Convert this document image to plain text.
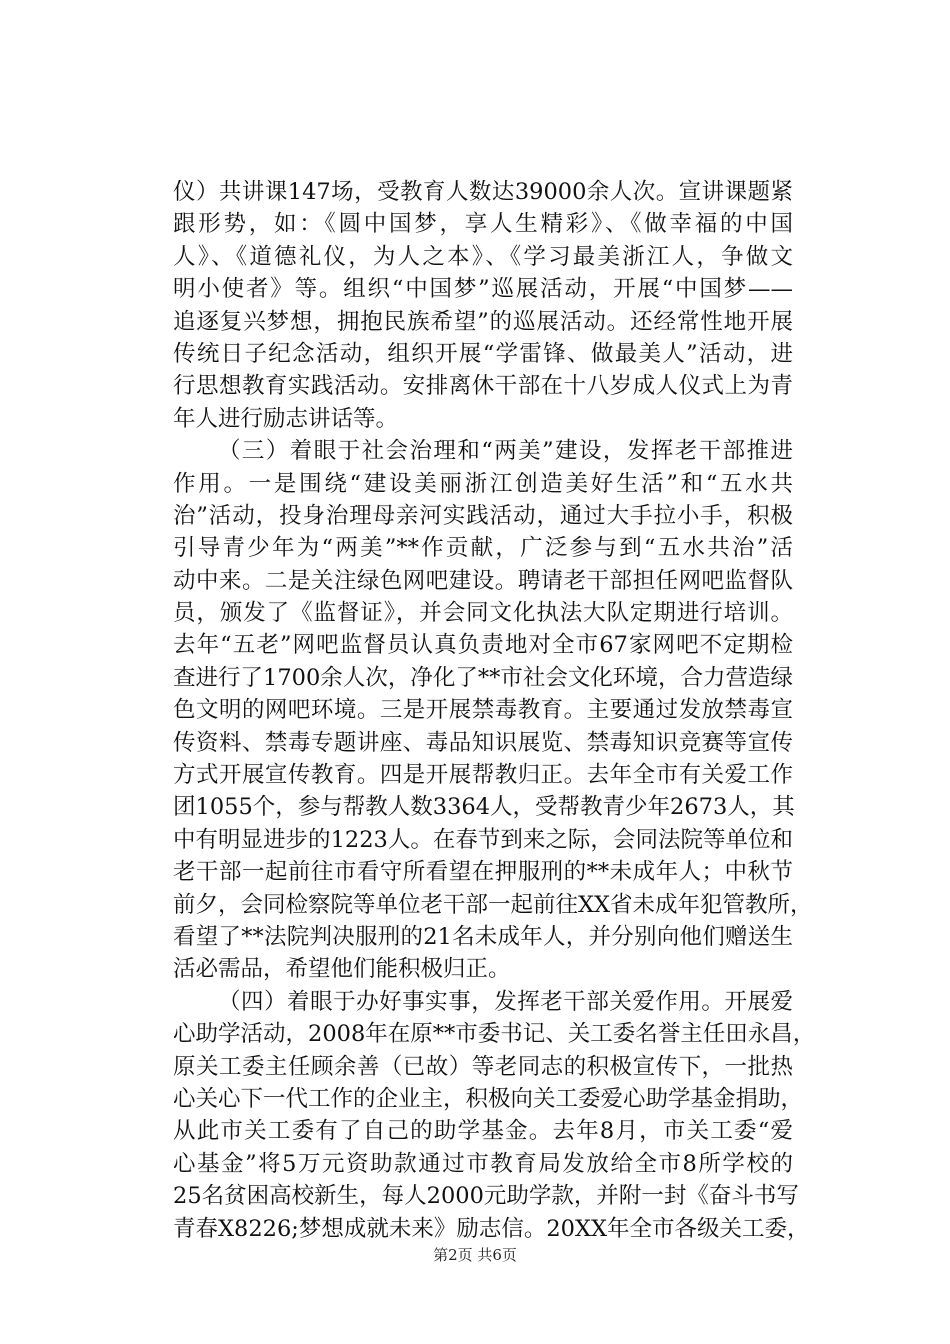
仪）共讲课147场，受教育人数达39000余人次。宣讲课题紧
跟形势，如：《圆中国梦，享人生精彩》、《做幸福的中国
人》、《道德礼仪，为人之本》、《学习最美浙江人，争做文
明小使者》等。组织“中国梦”巡展活动，开展“中国梦——
追逐复兴梦想，拥抱民族希望”的巡展活动。还经常性地开展
传统日子纪念活动，组织开展“学雷锋、做最美人”活动，进
行思想教育实践活动。安排离休干部在十八岁成人仪式上为青
年人进行励志讲话等。
（三）着眼于社会治理和“两美”建设，发挥老干部推进
作用。一是围绕“建设美丽浙江创造美好生活”和“五水共
治”活动，投身治理母亲河实践活动，通过大手拉小手，积极
引导青少年为“两美”**作贡献，广泛参与到“五水共治”活
动中来。二是关注绿色网吧建设。聘请老干部担任网吧监督队
员，颁发了《监督证》，并会同文化执法大队定期进行培训。
去年“五老”网吧监督员认真负责地对全市67家网吧不定期检
查进行了1700余人次，净化了**市社会文化环境，合力营造绿
色文明的网吧环境。三是开展禁毒教育。主要通过发放禁毒宣
传资料、禁毒专题讲座、毒品知识展览、禁毒知识竞赛等宣传
方式开展宣传教育。四是开展帮教归正。去年全市有关爱工作
团1055个，参与帮教人数3364人，受帮教青少年2673人，其
中有明显进步的1223人。在春节到来之际，会同法院等单位和
老干部一起前往市看守所看望在押服刑的**未成年人；中秋节
前夕，会同检察院等单位老干部一起前往XX省未成年犯管教所，
看望了**法院判决服刑的21名未成年人，并分别向他们赠送生
活必需品，希望他们能积极归正。
（四）着眼于办好事实事，发挥老干部关爱作用。开展爱
心助学活动，2008年在原**市委书记、关工委名誉主任田永昌，
原关工委主任顾余善（已故）等老同志的积极宣传下，一批热
心关心下一代工作的企业主，积极向关工委爱心助学基金捐助，
从此市关工委有了自己的助学基金。去年8月，市关工委“爱
心基金”将5万元资助款通过市教育局发放给全市8所学校的
25名贫困高校新生，每人2000元助学款，并附一封《奋斗书写
青春X8226;梦想成就未来》励志信。20XX年全市各级关工委，
第2页 共6页
